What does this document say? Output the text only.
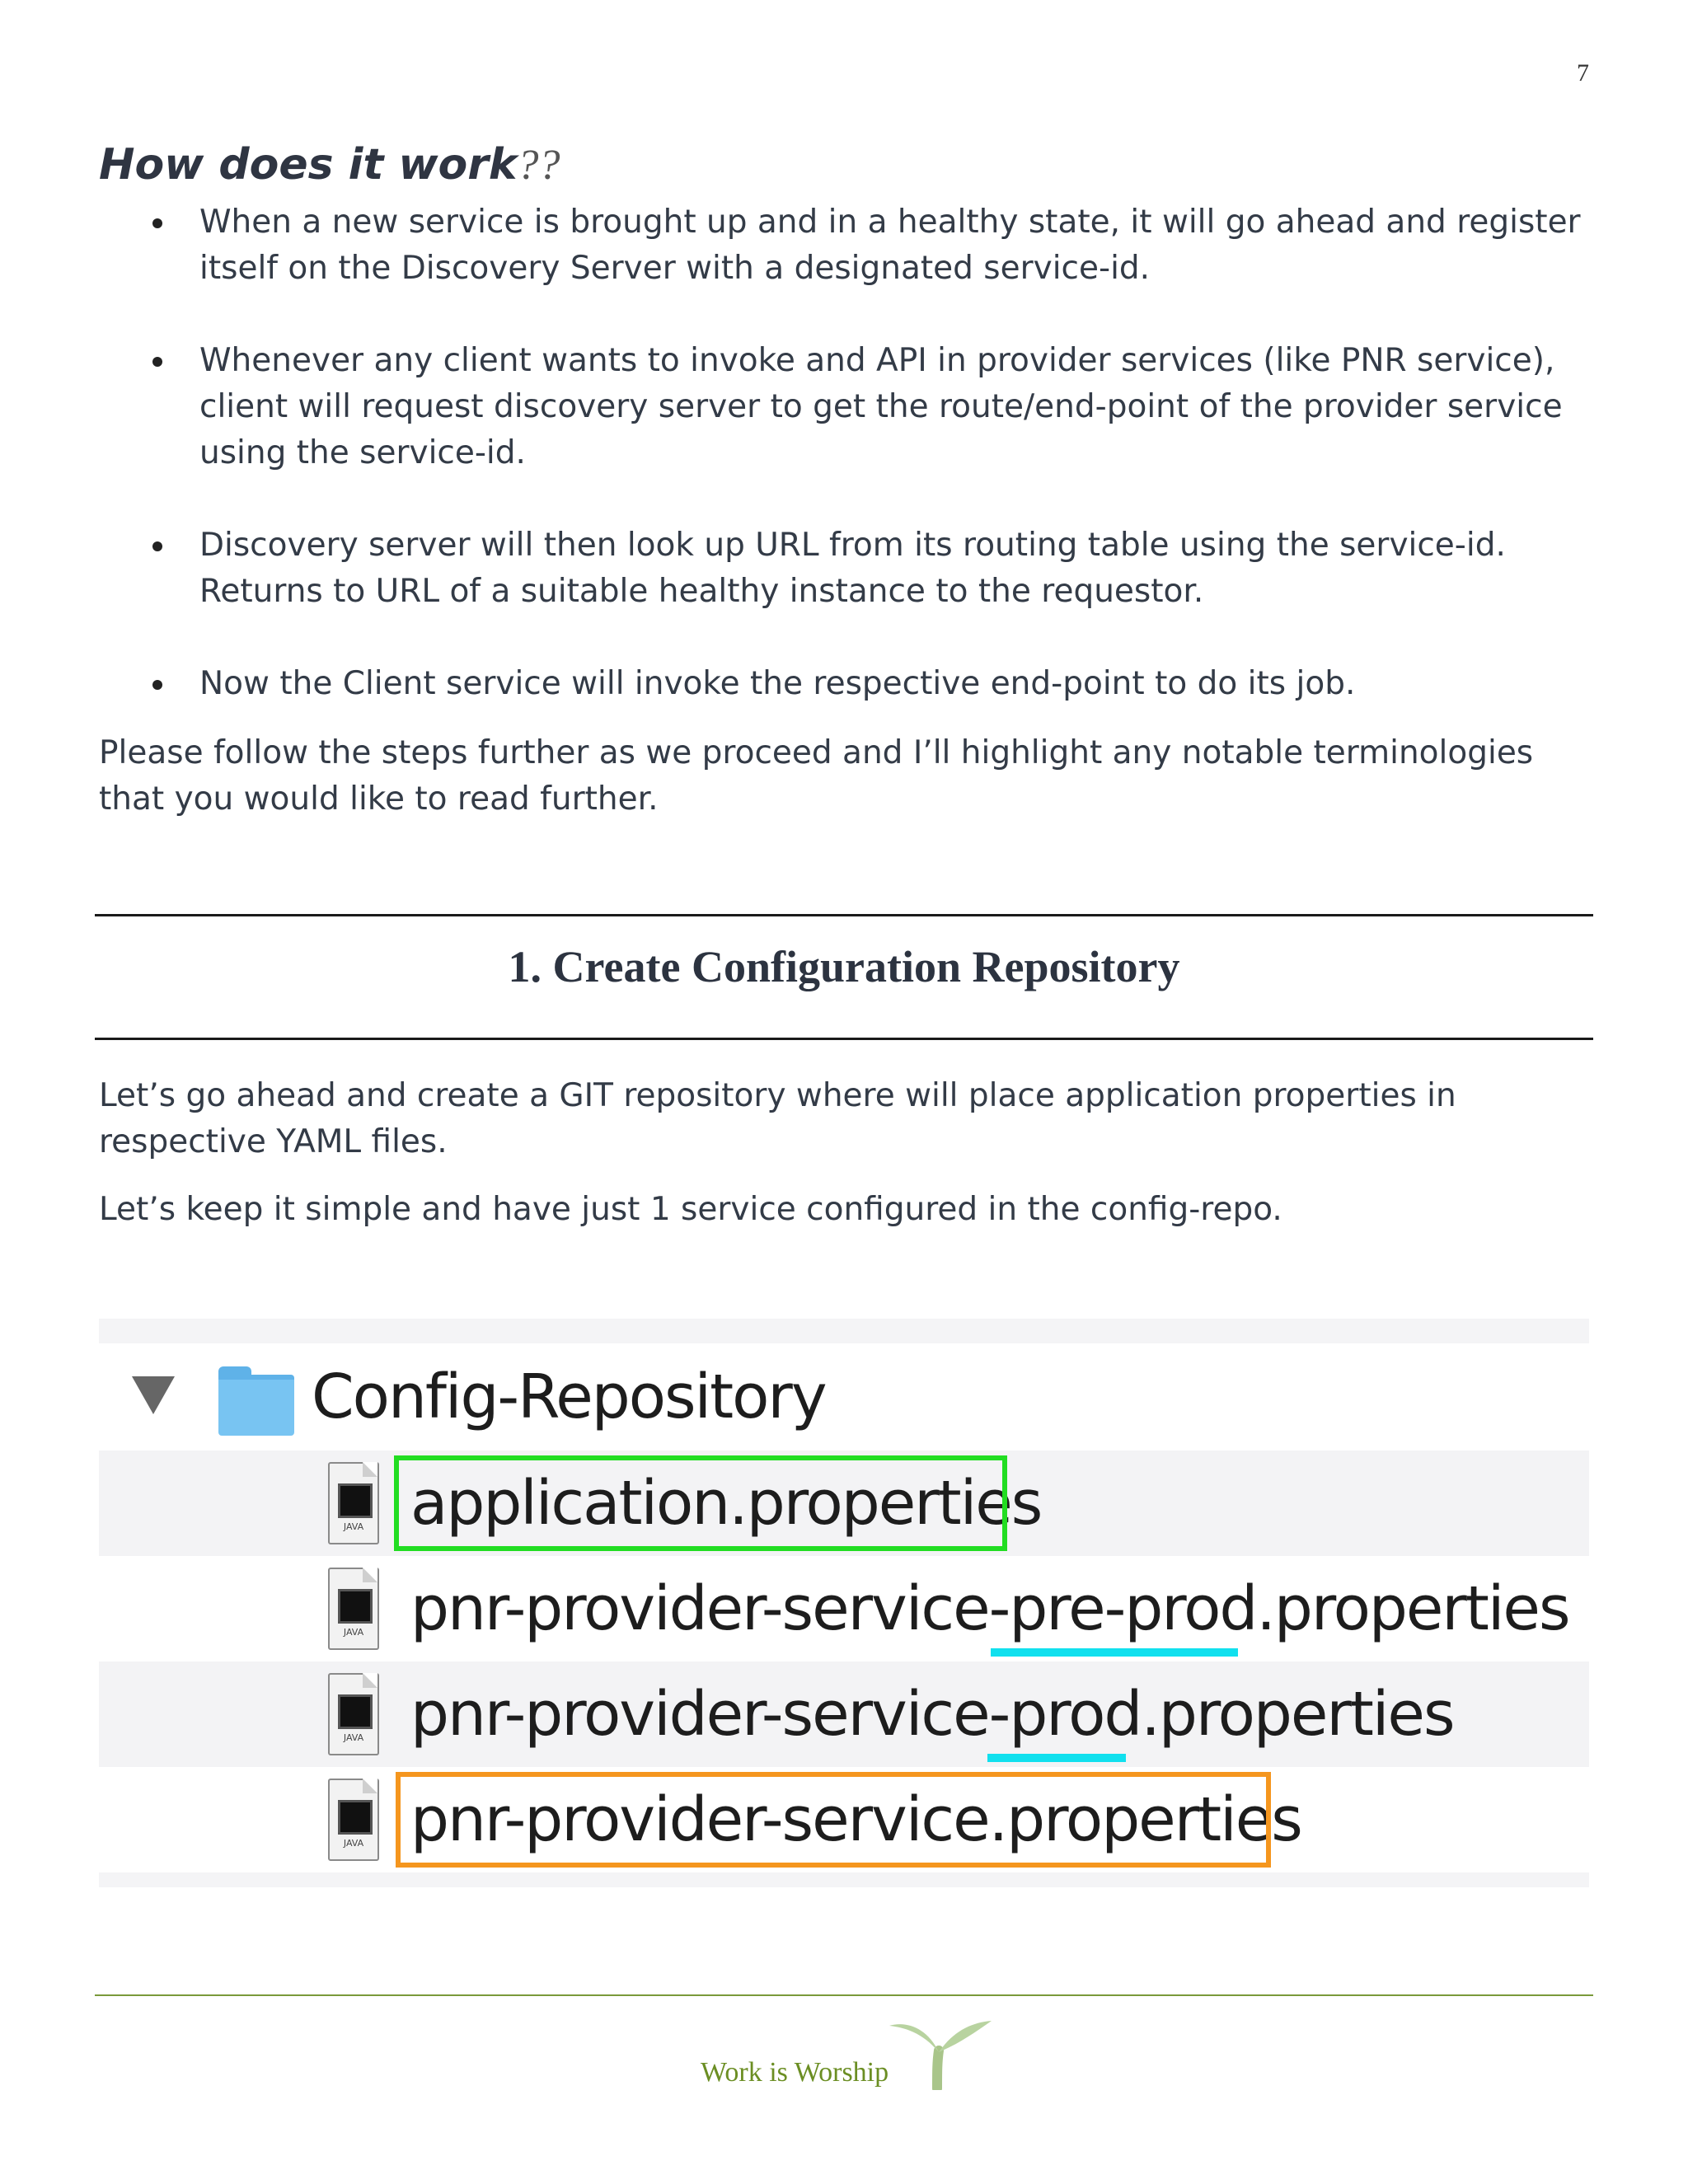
7
How does it work??
When a new service is brought up and in a healthy state, it will go ahead and register itself on the Discovery Server with a designated service-id.
Whenever any client wants to invoke and API in provider services (like PNR service), client will request discovery server to get the route/end-point of the provider service using the service-id.
Discovery server will then look up URL from its routing table using the service-id. Returns to URL of a suitable healthy instance to the requestor.
Now the Client service will invoke the respective end-point to do its job.

Please follow the steps further as we proceed and I’ll highlight any notable terminologies that you would like to read further.

1. Create Configuration Repository

Let’s go ahead and create a GIT repository where will place application properties in respective YAML files.

Let’s keep it simple and have just 1 service configured in the config-repo.

Config-Repository
JAVA application.properties
JAVA pnr-provider-service-pre-prod.properties
JAVA pnr-provider-service-prod.properties
JAVA pnr-provider-service.properties
Work is Worship
